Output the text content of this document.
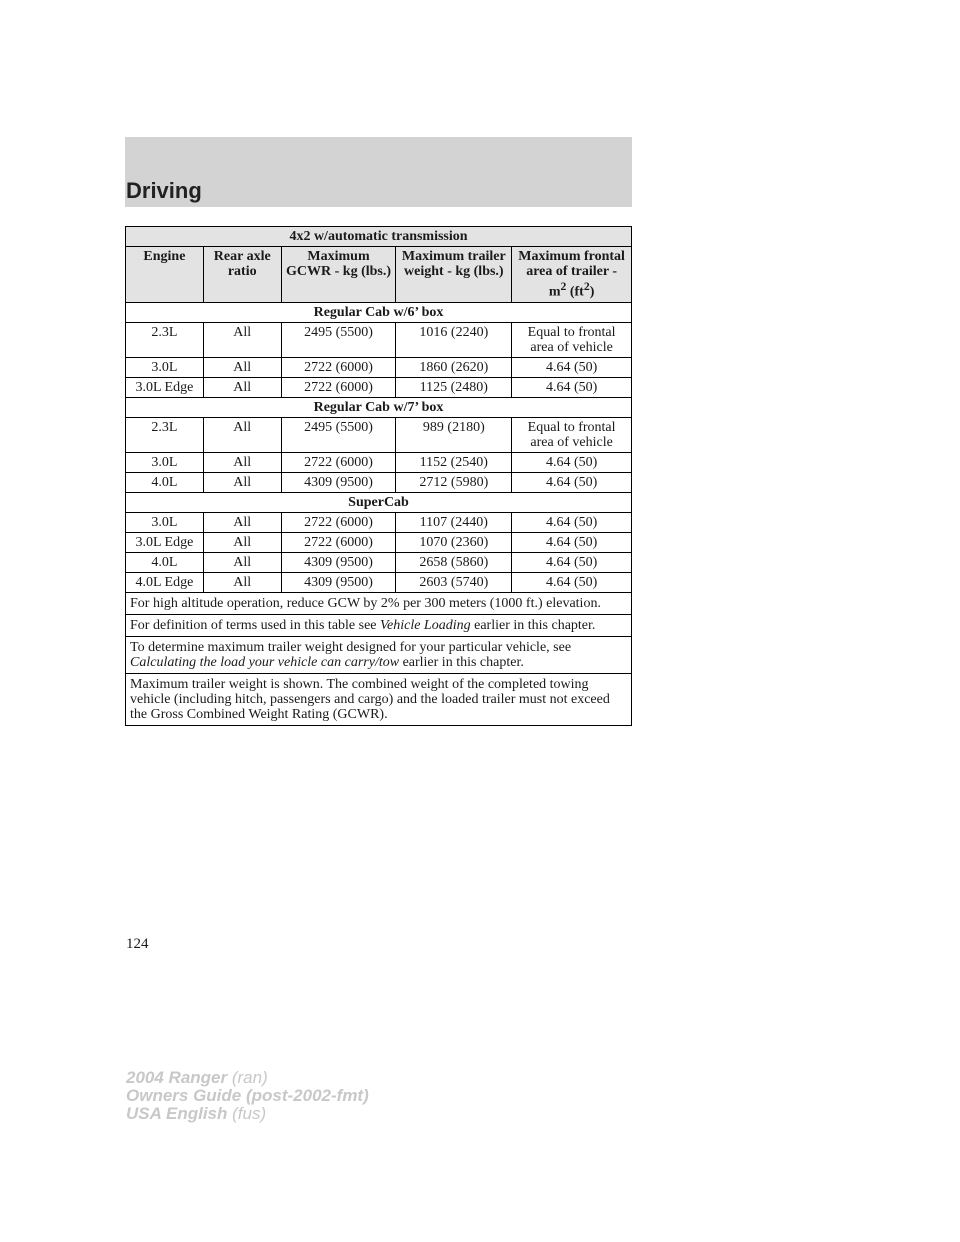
Driving
4x2 w/automatic transmission				
Engine	Rear axle ratio	Maximum GCWR - kg (lbs.)	Maximum trailer weight - kg (lbs.)	Maximum frontal area of trailer -
$m^2$ $(ft^2)$
Regular Cab w/6’ box				
2.3L	All	2495 (5500)	1016 (2240)	Equal to frontal area of vehicle
3.0L	All	2722 (6000)	1860 (2620)	4.64 (50)
3.0L Edge	All	2722 (6000)	1125 (2480)	4.64 (50)
Regular Cab w/7’ box				
2.3L	All	2495 (5500)	989 (2180)	Equal to frontal area of vehicle
3.0L	All	2722 (6000)	1152 (2540)	4.64 (50)
4.0L	All	4309 (9500)	2712 (5980)	4.64 (50)
SuperCab				
3.0L	All	2722 (6000)	1107 (2440)	4.64 (50)
3.0L Edge	All	2722 (6000)	1070 (2360)	4.64 (50)
4.0L	All	4309 (9500)	2658 (5860)	4.64 (50)
4.0L Edge	All	4309 (9500)	2603 (5740)	4.64 (50)
For high altitude operation, reduce GCW by 2% per 300 meters (1000 ft.) elevation.				
For definition of terms used in this table see Vehicle Loading earlier in this chapter.				
To determine maximum trailer weight designed for your particular vehicle, see Calculating the load your vehicle can carry/tow earlier in this chapter.				
Maximum trailer weight is shown. The combined weight of the completed towing vehicle (including hitch, passengers and cargo) and the loaded trailer must not exceed the Gross Combined Weight Rating (GCWR).				
124
2004 Ranger (ran)
Owners Guide (post-2002-fmt)
USA English (fus)
